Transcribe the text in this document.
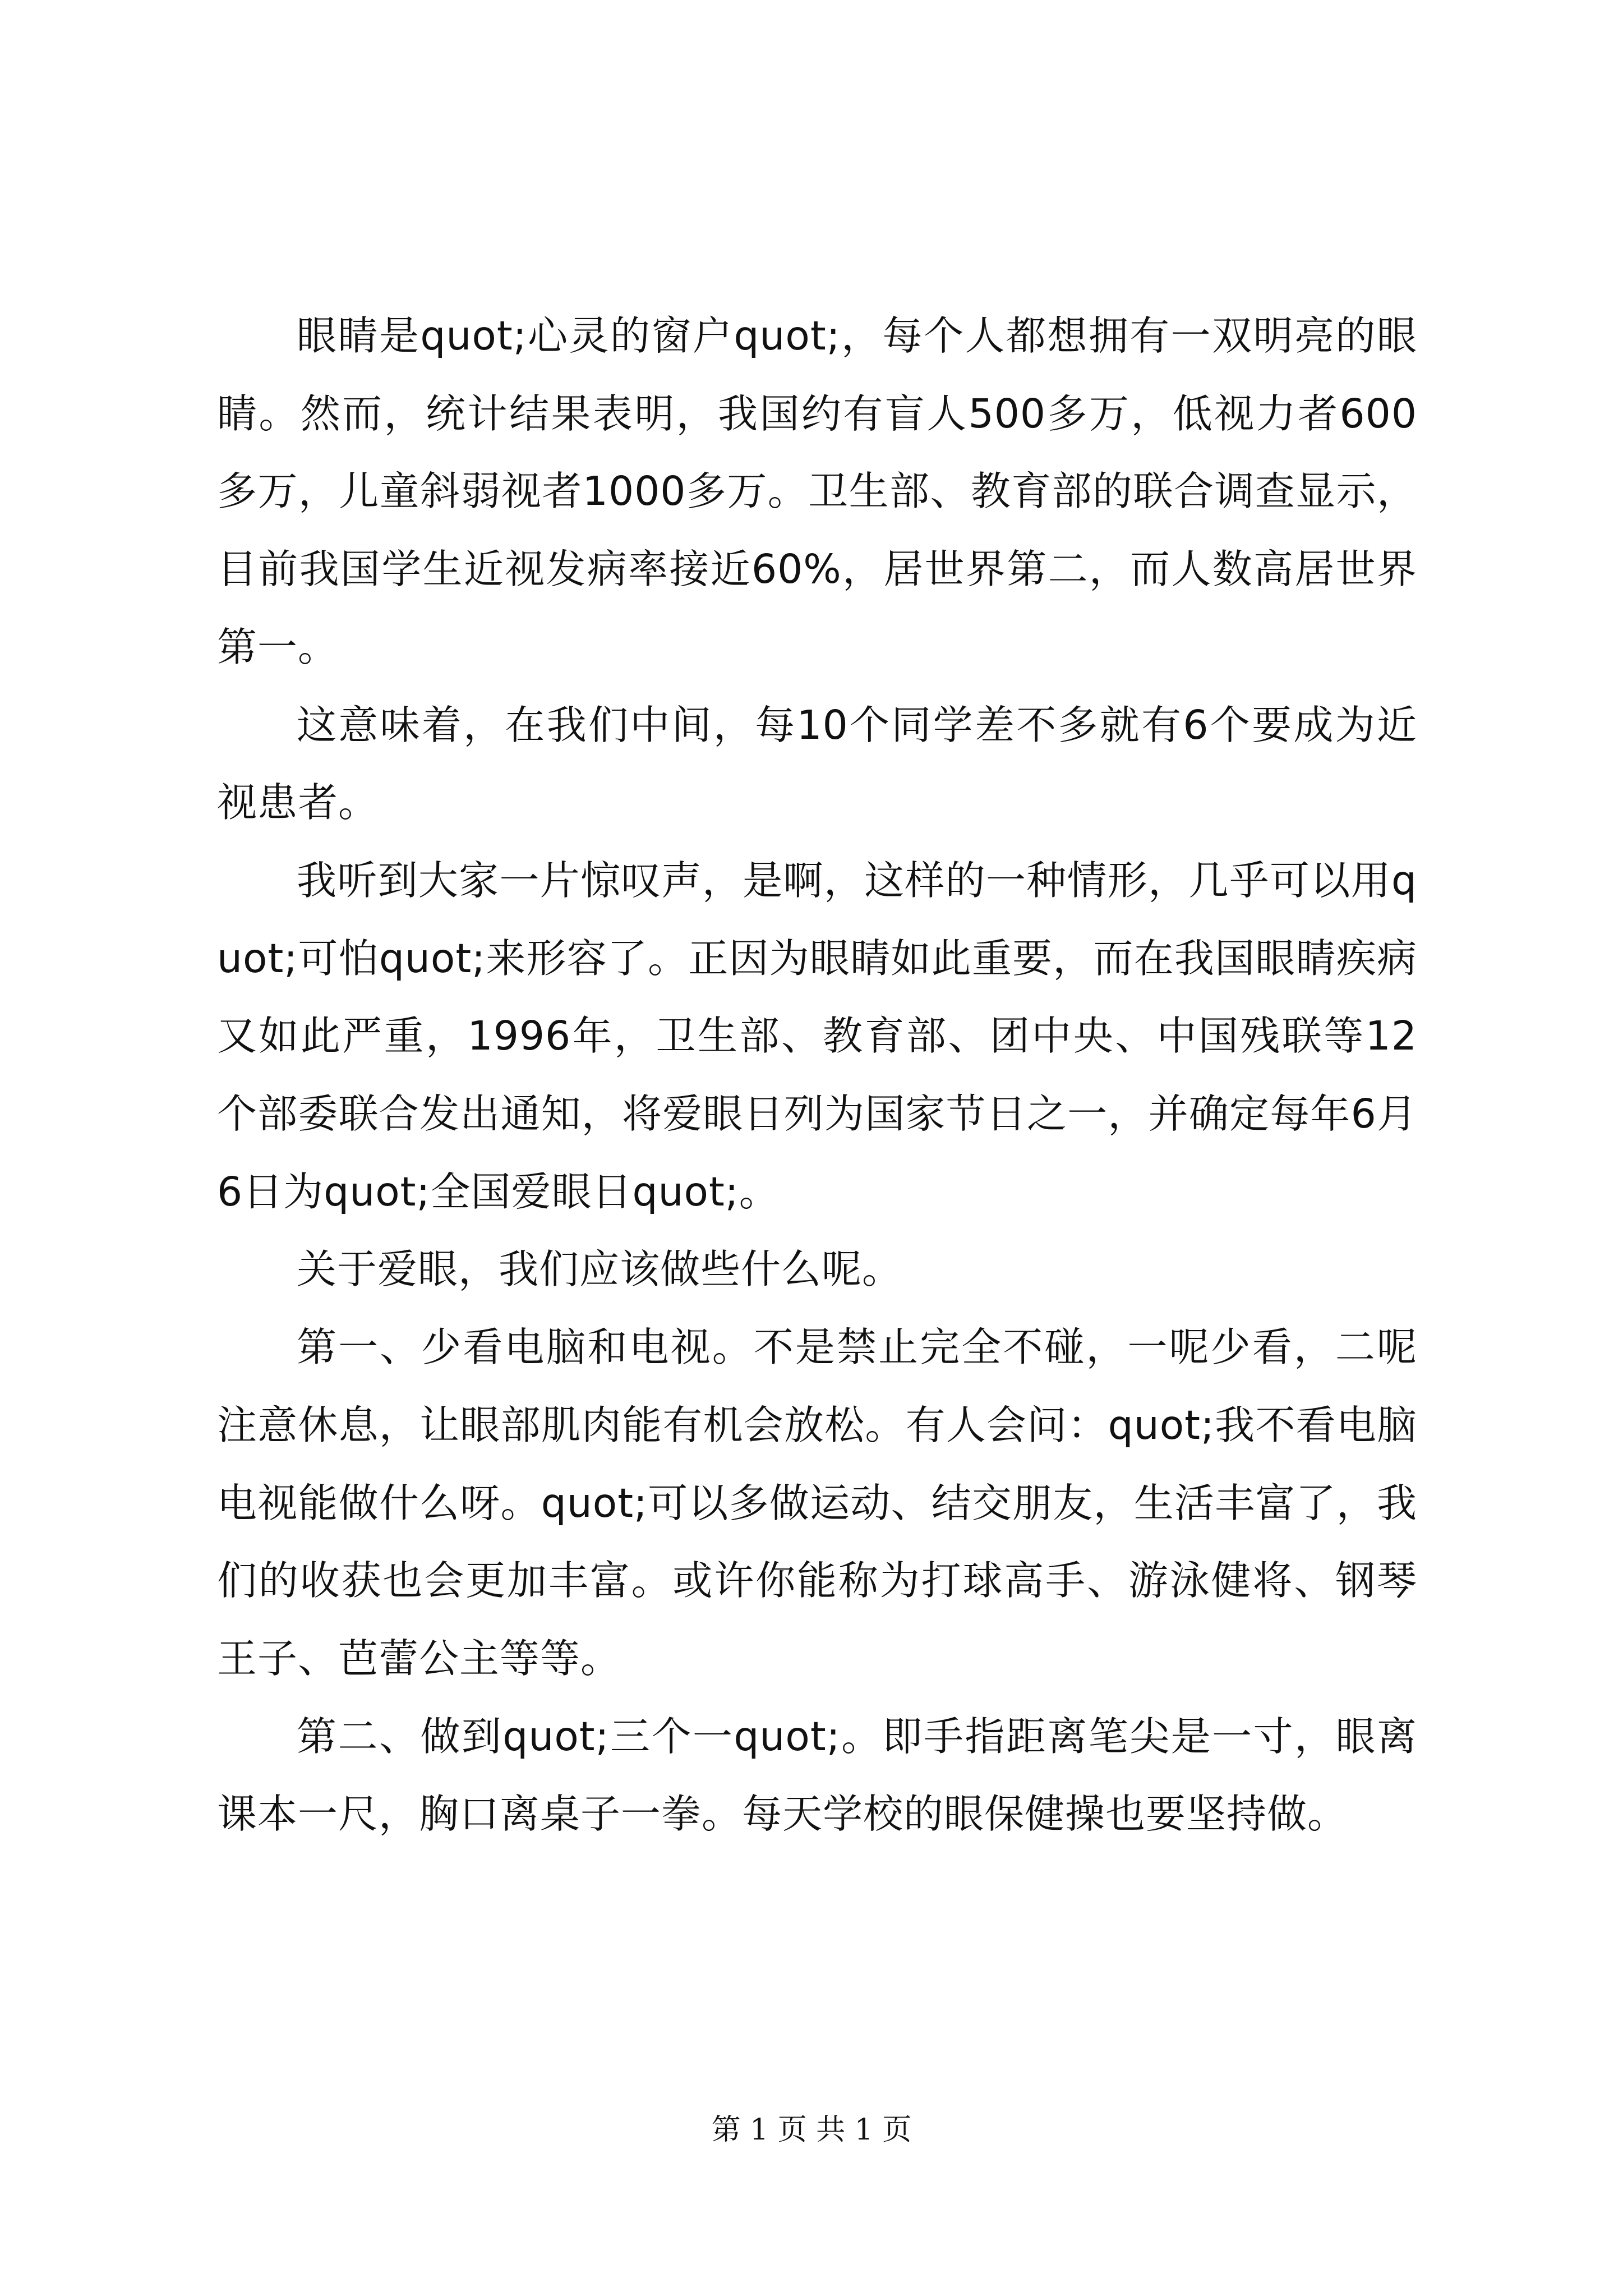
眼睛是quot;心灵的窗户quot;，每个人都想拥有一双明亮的眼睛。然而，统计结果表明，我国约有盲人500多万，低视力者600多万，儿童斜弱视者1000多万。卫生部、教育部的联合调查显示，目前我国学生近视发病率接近60%，居世界第二，而人数高居世界第一。

这意味着，在我们中间，每10个同学差不多就有6个要成为近视患者。

我听到大家一片惊叹声，是啊，这样的一种情形，几乎可以用quot;可怕quot;来形容了。正因为眼睛如此重要，而在我国眼睛疾病又如此严重，1996年，卫生部、教育部、团中央、中国残联等12个部委联合发出通知，将爱眼日列为国家节日之一，并确定每年6月6日为quot;全国爱眼日quot;。

关于爱眼，我们应该做些什么呢。

第一、少看电脑和电视。不是禁止完全不碰，一呢少看，二呢注意休息，让眼部肌肉能有机会放松。有人会问：quot;我不看电脑电视能做什么呀。quot;可以多做运动、结交朋友，生活丰富了，我们的收获也会更加丰富。或许你能称为打球高手、游泳健将、钢琴王子、芭蕾公主等等。

第二、做到quot;三个一quot;。即手指距离笔尖是一寸，眼离课本一尺，胸口离桌子一拳。每天学校的眼保健操也要坚持做。

第 1 页 共 1 页
